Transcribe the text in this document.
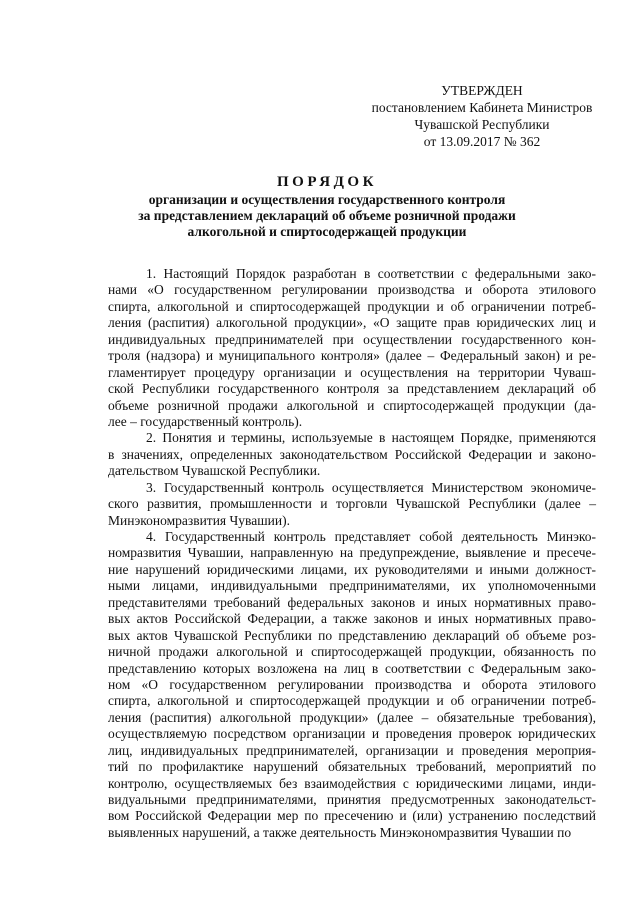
УТВЕРЖДЕН
постановлением Кабинета Министров
Чувашской Республики
от 13.09.2017 № 362
ПОРЯДОК
организации и осуществления государственного контроля
за представлением деклараций об объеме розничной продажи
алкогольной и спиртосодержащей продукции

1. Настоящий Порядок разработан в соответствии с федеральными зако-
нами «О государственном регулировании производства и оборота этилового
спирта, алкогольной и спиртосодержащей продукции и об ограничении потреб-
ления (распития) алкогольной продукции», «О защите прав юридических лиц и
индивидуальных предпринимателей при осуществлении государственного кон-
троля (надзора) и муниципального контроля» (далее – Федеральный закон) и ре-
гламентирует процедуру организации и осуществления на территории Чуваш-
ской Республики государственного контроля за представлением деклараций об
объеме розничной продажи алкогольной и спиртосодержащей продукции (да-
лее – государственный контроль).

2. Понятия и термины, используемые в настоящем Порядке, применяются
в значениях, определенных законодательством Российской Федерации и законо-
дательством Чувашской Республики.

3. Государственный контроль осуществляется Министерством экономиче-
ского развития, промышленности и торговли Чувашской Республики (далее –
Минэкономразвития Чувашии).

4. Государственный контроль представляет собой деятельность Минэко-
номразвития Чувашии, направленную на предупреждение, выявление и пресече-
ние нарушений юридическими лицами, их руководителями и иными должност-
ными лицами, индивидуальными предпринимателями, их уполномоченными
представителями требований федеральных законов и иных нормативных право-
вых актов Российской Федерации, а также законов и иных нормативных право-
вых актов Чувашской Республики по представлению деклараций об объеме роз-
ничной продажи алкогольной и спиртосодержащей продукции, обязанность по
представлению которых возложена на лиц в соответствии с Федеральным зако-
ном «О государственном регулировании производства и оборота этилового
спирта, алкогольной и спиртосодержащей продукции и об ограничении потреб-
ления (распития) алкогольной продукции» (далее – обязательные требования),
осуществляемую посредством организации и проведения проверок юридических
лиц, индивидуальных предпринимателей, организации и проведения мероприя-
тий по профилактике нарушений обязательных требований, мероприятий по
контролю, осуществляемых без взаимодействия с юридическими лицами, инди-
видуальными предпринимателями, принятия предусмотренных законодательст-
вом Российской Федерации мер по пресечению и (или) устранению последствий
выявленных нарушений, а также деятельность Минэкономразвития Чувашии по
